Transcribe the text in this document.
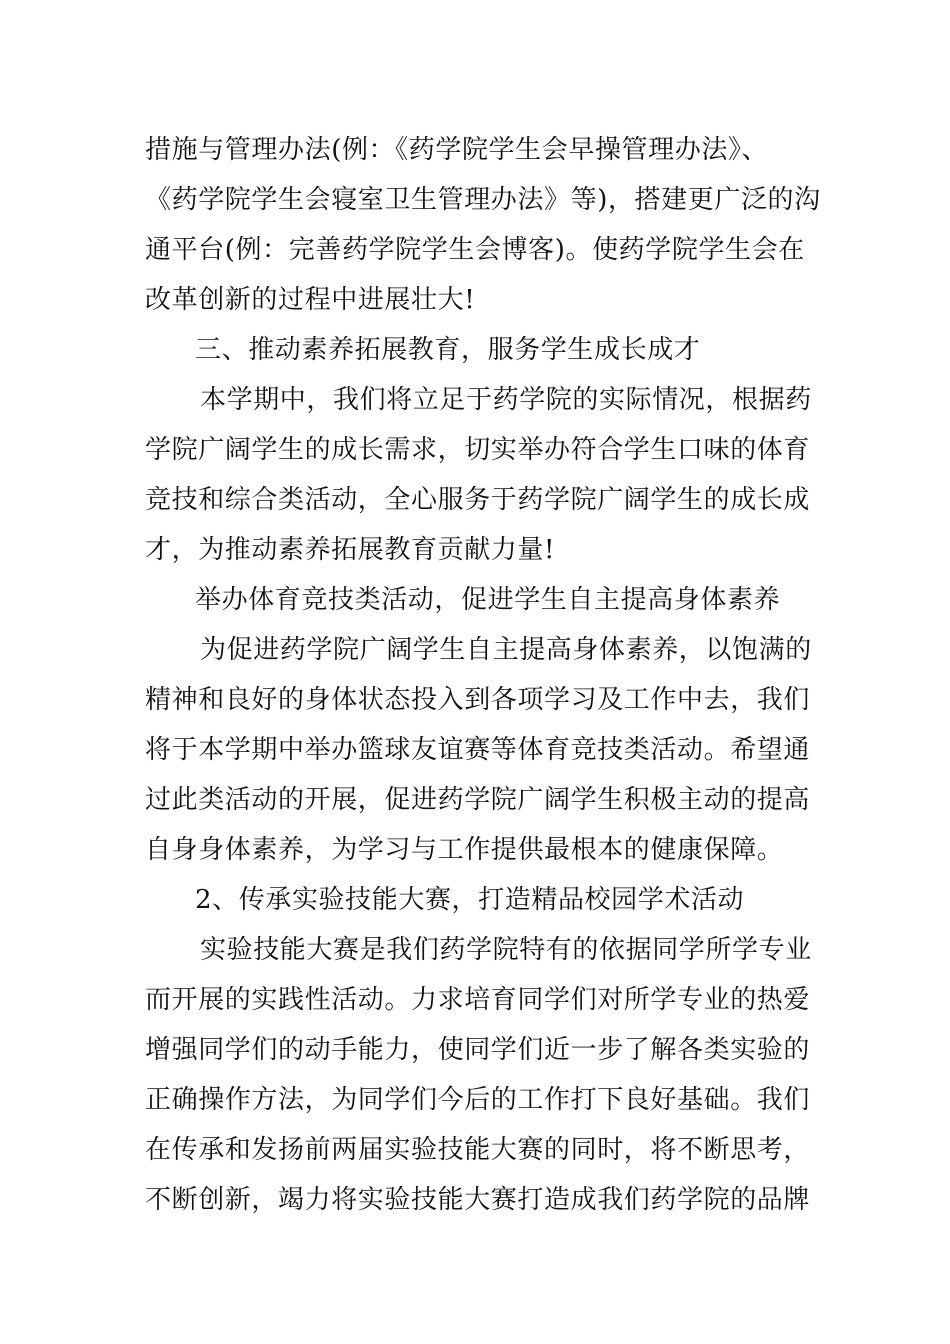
措施与管理办法(例：《药学院学生会早操管理办法》、
《药学院学生会寝室卫生管理办法》等)，搭建更广泛的沟
通平台(例：完善药学院学生会博客)。使药学院学生会在
改革创新的过程中进展壮大!
三、推动素养拓展教育，服务学生成长成才
本学期中，我们将立足于药学院的实际情况，根据药
学院广阔学生的成长需求，切实举办符合学生口味的体育
竞技和综合类活动，全心服务于药学院广阔学生的成长成
才，为推动素养拓展教育贡献力量!
举办体育竞技类活动，促进学生自主提高身体素养
为促进药学院广阔学生自主提高身体素养，以饱满的
精神和良好的身体状态投入到各项学习及工作中去，我们
将于本学期中举办篮球友谊赛等体育竞技类活动。希望通
过此类活动的开展，促进药学院广阔学生积极主动的提高
自身身体素养，为学习与工作提供最根本的健康保障。
2、传承实验技能大赛，打造精品校园学术活动
实验技能大赛是我们药学院特有的依据同学所学专业
而开展的实践性活动。力求培育同学们对所学专业的热爱
增强同学们的动手能力，使同学们近一步了解各类实验的
正确操作方法，为同学们今后的工作打下良好基础。我们
在传承和发扬前两届实验技能大赛的同时，将不断思考，
不断创新，竭力将实验技能大赛打造成我们药学院的品牌
